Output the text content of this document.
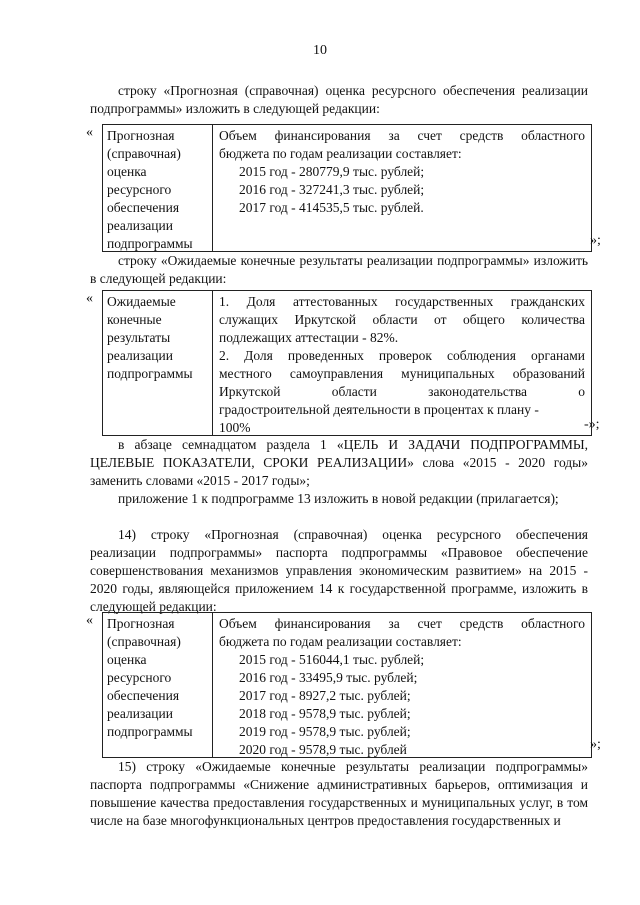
10
строку «Прогнозная (справочная) оценка ресурсного обеспечения реализации подпрограммы» изложить в следующей редакции:
« Прогнозная
(справочная)
оценка
ресурсного
обеспечения
реализации
подпрограммы
Объем финансирования за счет средств областного
бюджета по годам реализации составляет:
2015 год - 280779,9 тыс. рублей;
2016 год - 327241,3 тыс. рублей;
2017 год - 414535,5 тыс. рублей.
»;
строку «Ожидаемые конечные результаты реализации подпрограммы» изложить в следующей редакции:
« Ожидаемые
конечные
результаты
реализации
подпрограммы
1. Доля аттестованных государственных гражданских
служащих Иркутской области от общего количества
подлежащих аттестации - 82%.
2. Доля проведенных проверок соблюдения органами
местного самоуправления муниципальных образований
Иркутской области законодательства о
градостроительной деятельности в процентах к плану -
100%	-»;
в абзаце семнадцатом раздела 1 «ЦЕЛЬ И ЗАДАЧИ ПОДПРОГРАММЫ, ЦЕЛЕВЫЕ ПОКАЗАТЕЛИ, СРОКИ РЕАЛИЗАЦИИ» слова «2015 - 2020 годы» заменить словами «2015 - 2017 годы»;
приложение 1 к подпрограмме 13 изложить в новой редакции (прилагается);
14) строку «Прогнозная (справочная) оценка ресурсного обеспечения реализации подпрограммы» паспорта подпрограммы «Правовое обеспечение совершенствования механизмов управления экономическим развитием» на 2015 - 2020 годы, являющейся приложением 14 к государственной программе, изложить в следующей редакции:
« Прогнозная
(справочная)
оценка
ресурсного
обеспечения
реализации
подпрограммы
Объем финансирования за счет средств областного
бюджета по годам реализации составляет:
2015 год - 516044,1 тыс. рублей;
2016 год - 33495,9 тыс. рублей;
2017 год - 8927,2 тыс. рублей;
2018 год - 9578,9 тыс. рублей;
2019 год - 9578,9 тыс. рублей;
2020 год - 9578,9 тыс. рублей	»;
15) строку «Ожидаемые конечные результаты реализации подпрограммы» паспорта подпрограммы «Снижение административных барьеров, оптимизация и повышение качества предоставления государственных и муниципальных услуг, в том числе на базе многофункциональных центров предоставления государственных и
